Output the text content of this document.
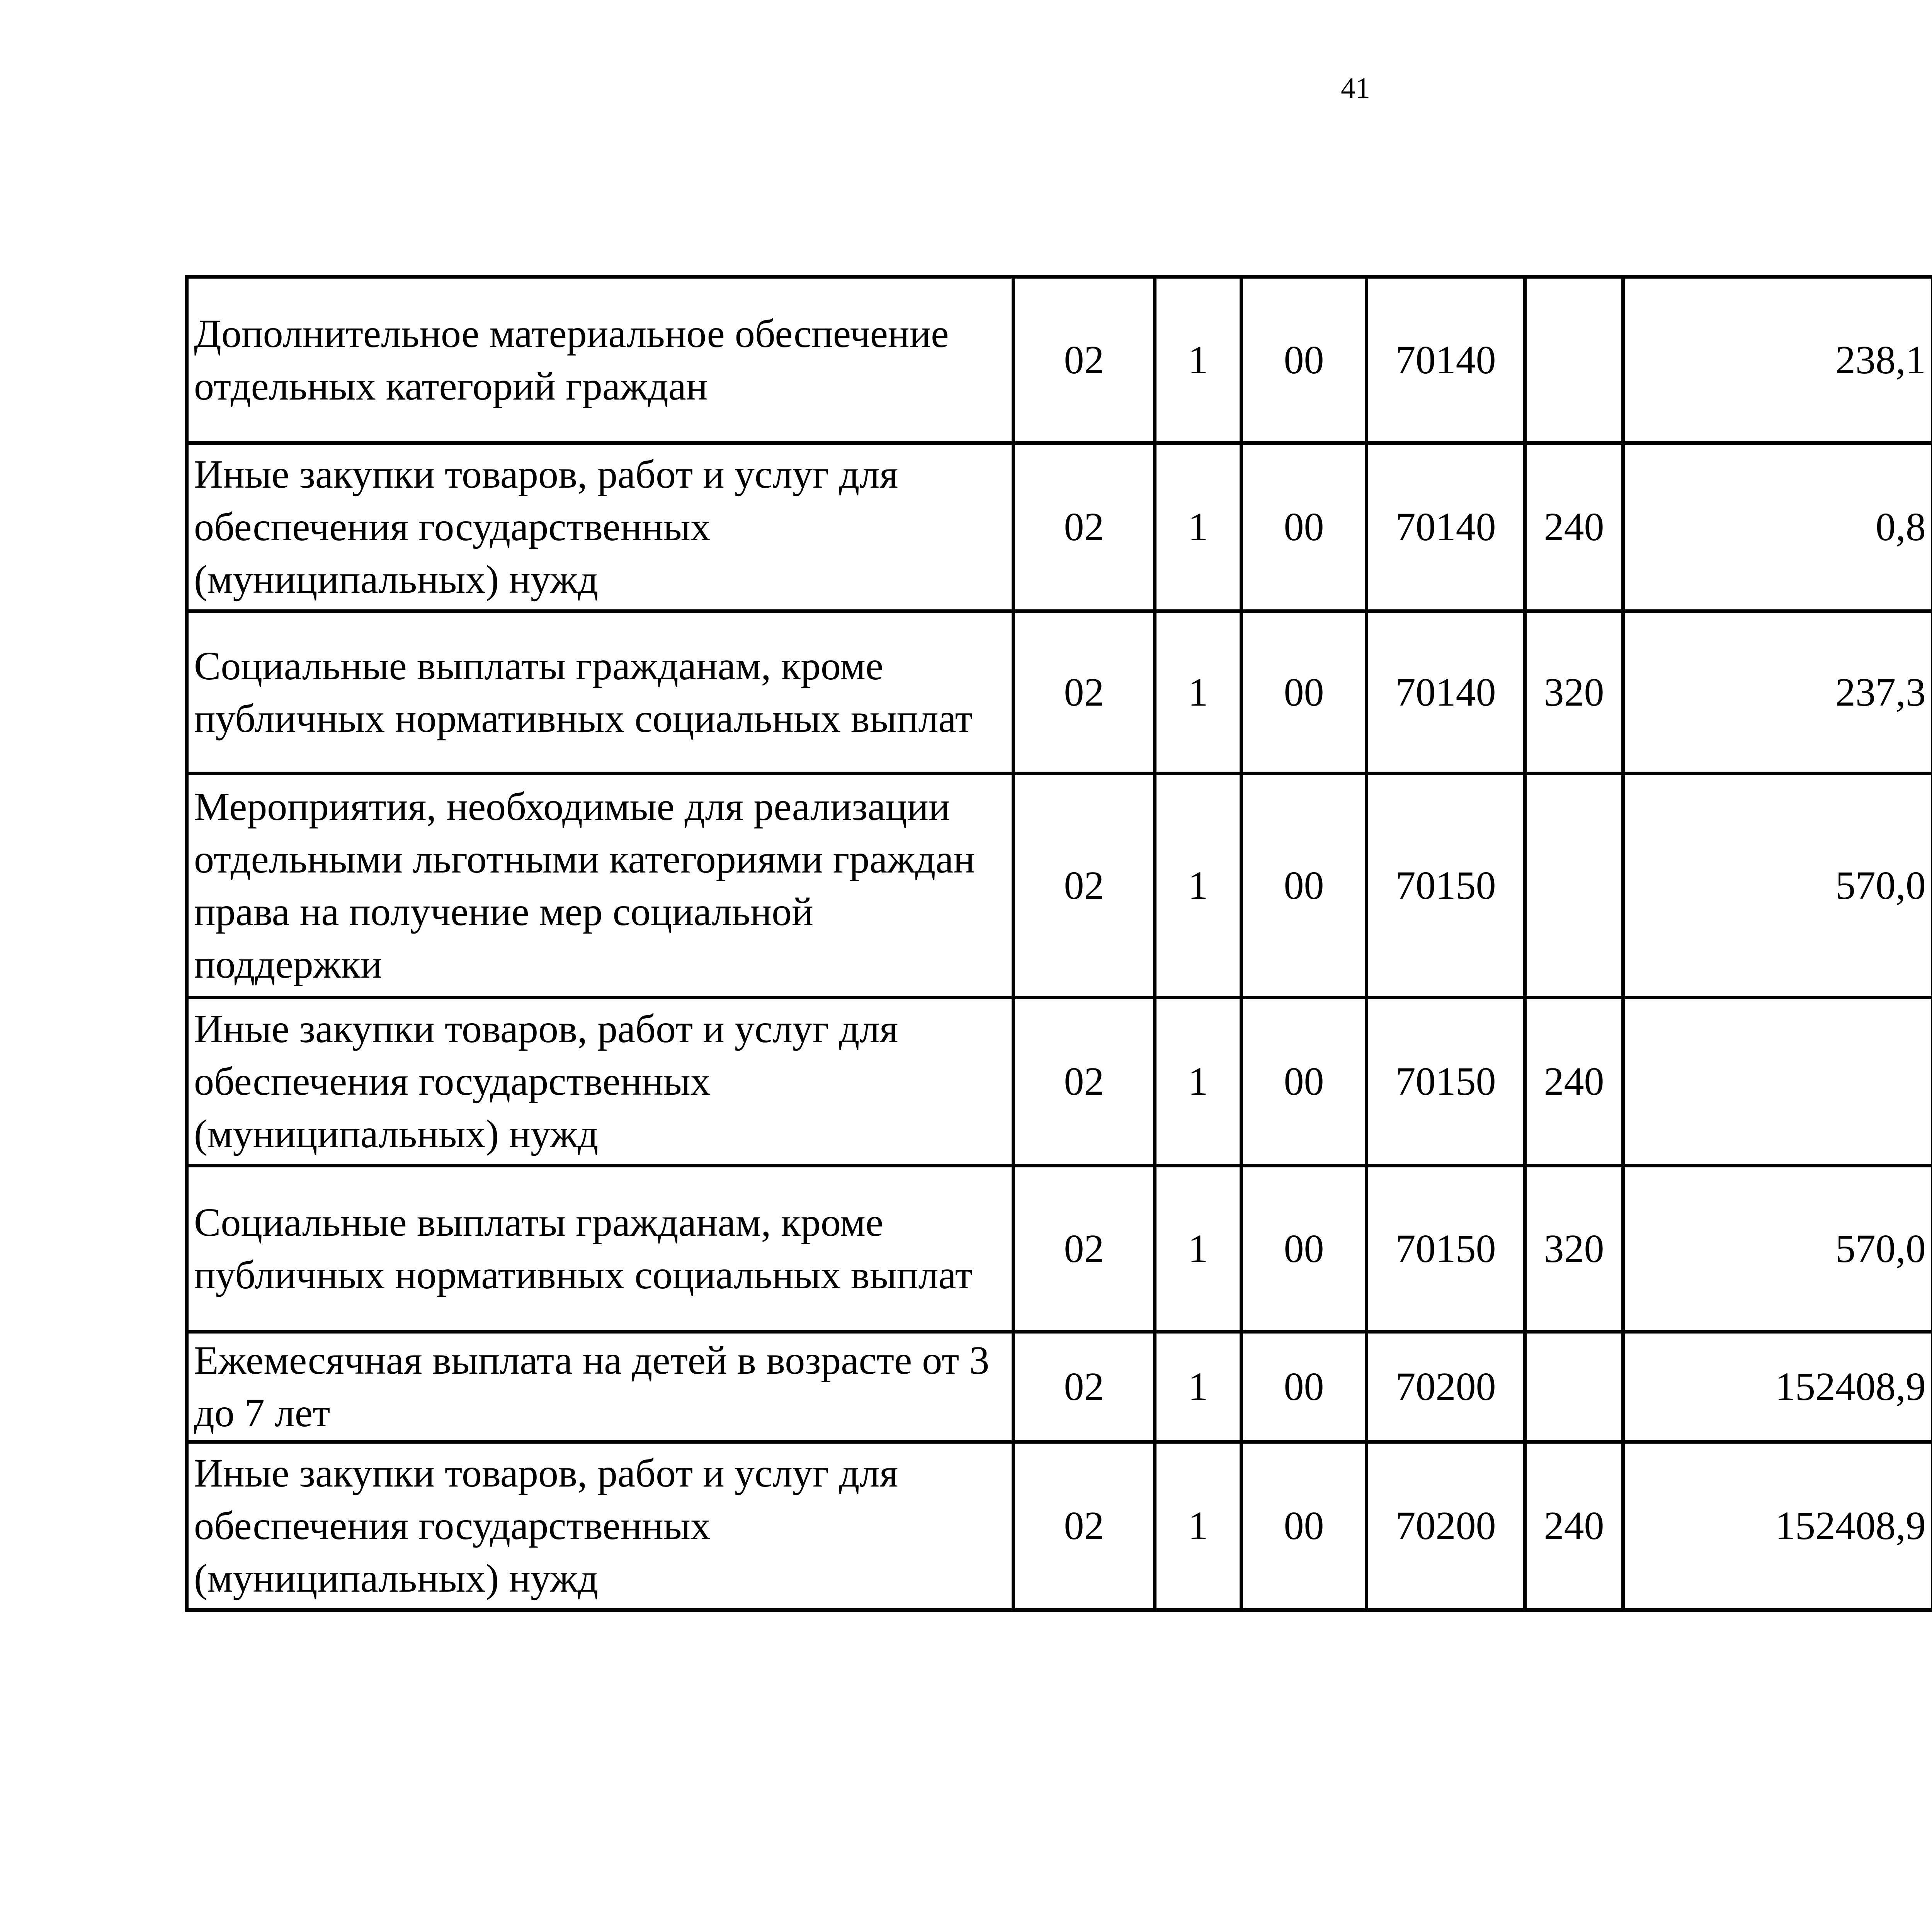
41
Дополнительное материальное обеспечение отдельных категорий граждан	02	1	00	70140		238,1		
Иные закупки товаров, работ и услуг для обеспечения государственных (муниципальных) нужд	02	1	00	70140	240	0,8		
Социальные выплаты гражданам, кроме публичных нормативных социальных выплат	02	1	00	70140	320	237,3		
Мероприятия, необходимые для реализации отдельными льготными категориями граждан права на получение мер социальной поддержки	02	1	00	70150		570,0		
Иные закупки товаров, работ и услуг для обеспечения государственных (муниципальных) нужд	02	1	00	70150	240			
Социальные выплаты гражданам, кроме публичных нормативных социальных выплат	02	1	00	70150	320	570,0		
Ежемесячная выплата на детей в возрасте от 3 до 7 лет	02	1	00	70200		152408,9		
Иные закупки товаров, работ и услуг для обеспечения государственных (муниципальных) нужд	02	1	00	70200	240	152408,9		
